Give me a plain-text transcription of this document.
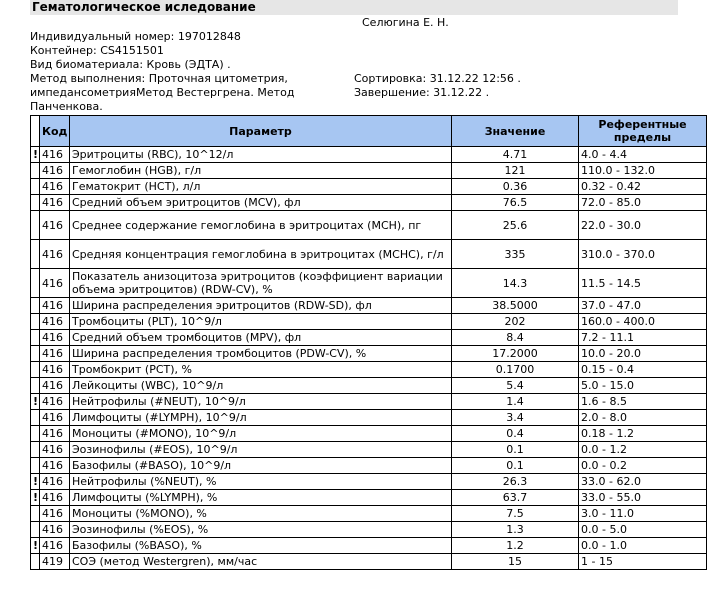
Гематологическое иследование
Селюгина Е. Н.
Индивидуальный номер: 197012848
Контейнер: CS4151501
Вид биоматериала: Кровь (ЭДТА) .
Метод выполнения: Проточная цитометрия,
импедансометрияМетод Вестергрена. Метод
Панченкова.
Сортировка: 31.12.22 12:56 .
Завершение: 31.12.22 .
	Код	Параметр	Значение	Референтные пределы
!	416	Эритроциты (RBC), 10^12/л	4.71	4.0 - 4.4
	416	Гемоглобин (HGB), г/л	121	110.0 - 132.0
	416	Гематокрит (HCT), л/л	0.36	0.32 - 0.42
	416	Средний объем эритроцитов (MCV), фл	76.5	72.0 - 85.0
	416	Среднее содержание гемоглобина в эритроцитах (MCH), пг	25.6	22.0 - 30.0
	416	Средняя концентрация гемоглобина в эритроцитах (MCHC), г/л	335	310.0 - 370.0
	416	Показатель анизоцитоза эритроцитов (коэффициент вариации объема эритроцитов) (RDW-CV), %	14.3	11.5 - 14.5
	416	Ширина распределения эритроцитов (RDW-SD), фл	38.5000	37.0 - 47.0
	416	Тромбоциты (PLT), 10^9/л	202	160.0 - 400.0
	416	Средний объем тромбоцитов (MPV), фл	8.4	7.2 - 11.1
	416	Ширина распределения тромбоцитов (PDW-CV), %	17.2000	10.0 - 20.0
	416	Тромбокрит (PCT), %	0.1700	0.15 - 0.4
	416	Лейкоциты (WBC), 10^9/л	5.4	5.0 - 15.0
!	416	Нейтрофилы (#NEUT), 10^9/л	1.4	1.6 - 8.5
	416	Лимфоциты (#LYMPH), 10^9/л	3.4	2.0 - 8.0
	416	Моноциты (#MONO), 10^9/л	0.4	0.18 - 1.2
	416	Эозинофилы (#EOS), 10^9/л	0.1	0.0 - 1.2
	416	Базофилы (#BASO), 10^9/л	0.1	0.0 - 0.2
!	416	Нейтрофилы (%NEUT), %	26.3	33.0 - 62.0
!	416	Лимфоциты (%LYMPH), %	63.7	33.0 - 55.0
	416	Моноциты (%MONO), %	7.5	3.0 - 11.0
	416	Эозинофилы (%EOS), %	1.3	0.0 - 5.0
!	416	Базофилы (%BASO), %	1.2	0.0 - 1.0
	419	СОЭ (метод Westergren), мм/час	15	1 - 15
